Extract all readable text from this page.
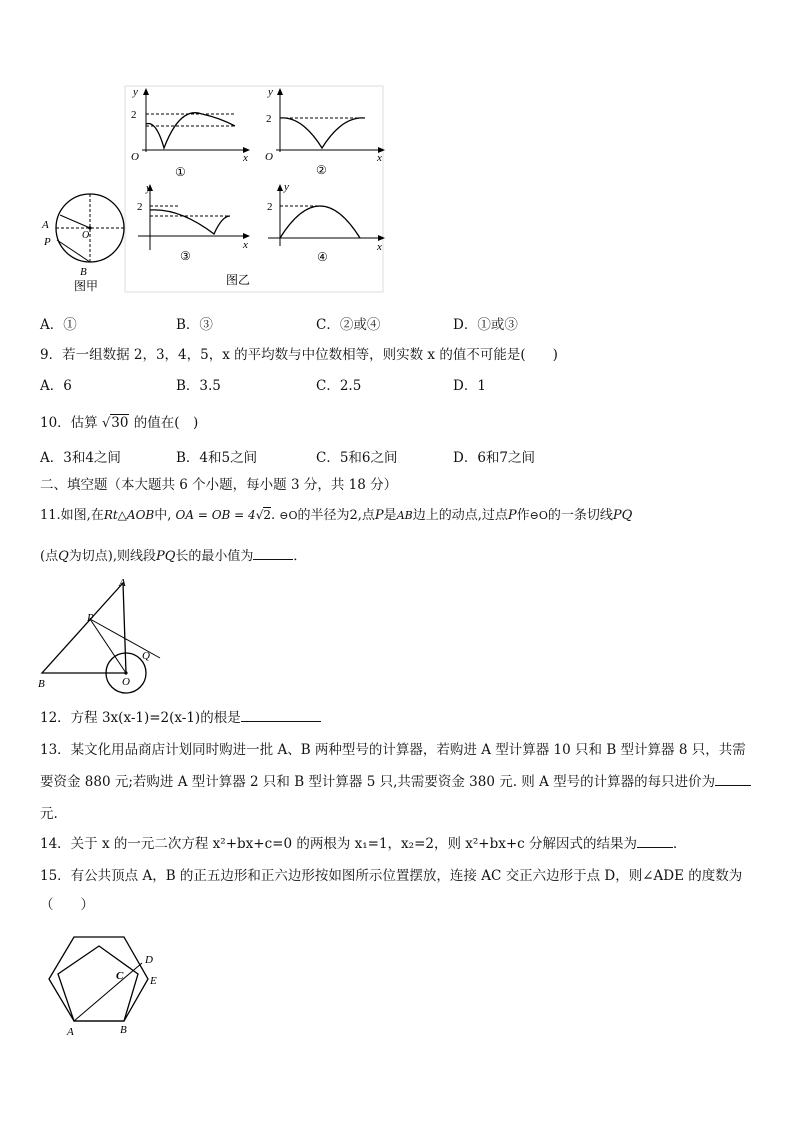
y
2
O	x
①
y
2
O	x
②
y
2
x
③
y
2
x
④
A
P
B
O
图甲	图乙
A．①	B．③	C．②或④	D．①或③
9．若一组数据 2，3，4，5，x 的平均数与中位数相等，则实数 x 的值不可能是(　　)
A．6	B．3.5	C．2.5	D．1
10．估算 √30 的值在(　)
A．3和4之间	B．4和5之间	C．5和6之间	D．6和7之间
二、填空题（本大题共 6 个小题，每小题 3 分，共 18 分）
11.如图,在Rt△AOB中, OA = OB = 4√2. ⊖O的半径为2,点P是AB边上的动点,过点P作⊖O的一条切线PQ
(点Q为切点),则线段PQ长的最小值为	．
A
P
Q
B	O
12．方程 3x(x-1)=2(x-1)的根是
13．某文化用品商店计划同时购进一批 A、B 两种型号的计算器，若购进 A 型计算器 10 只和 B 型计算器 8 只，共需
要资金 880 元;若购进 A 型计算器 2 只和 B 型计算器 5 只,共需要资金 380 元. 则 A 型号的计算器的每只进价为
元.
14．关于 x 的一元二次方程 x²+bx+c=0 的两根为 x₁=1，x₂=2，则 x²+bx+c 分解因式的结果为	．
15．有公共顶点 A，B 的正五边形和正六边形按如图所示位置摆放，连接 AC 交正六边形于点 D，则∠ADE 的度数为
（　　）
A	B
C
D
E
